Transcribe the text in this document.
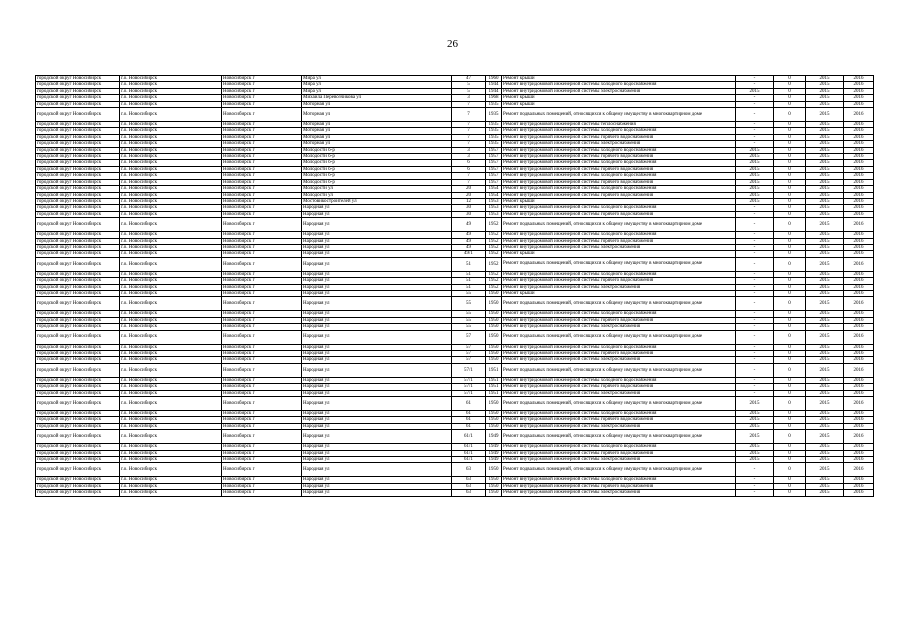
26
городской округ Новосибирск	г.о. Новосибирск	Новосибирск г	Мира ул	47	1960	Ремонт крыши	-	0	2015	2016
городской округ Новосибирск	г.о. Новосибирск	Новосибирск г	Мира ул	5	1944	Ремонт внутридомовой инженерной системы холодного водоснабжения	-	0	2015	2016
городской округ Новосибирск	г.о. Новосибирск	Новосибирск г	Мира ул	5	1944	Ремонт внутридомовой инженерной системы электроснабжения	2015	0	2015	2016
городской округ Новосибирск	г.о. Новосибирск	Новосибирск г	Михаила Перевозчикова ул	3	1968	Ремонт крыши	-	0	2015	2016
городской округ Новосибирск	г.о. Новосибирск	Новосибирск г	Моторная ул	7	1935	Ремонт крыши	-	0	2015	2016
городской округ Новосибирск	г.о. Новосибирск	Новосибирск г	Моторная ул	7	1935	Ремонт подвальных помещений, относящихся к общему имуществу в многоквартирном доме	-	0	2015	2016
городской округ Новосибирск	г.о. Новосибирск	Новосибирск г	Моторная ул	7	1935	Ремонт внутридомовой инженерной системы теплоснабжения	-	0	2015	2016
городской округ Новосибирск	г.о. Новосибирск	Новосибирск г	Моторная ул	7	1935	Ремонт внутридомовой инженерной системы холодного водоснабжения	-	0	2015	2016
городской округ Новосибирск	г.о. Новосибирск	Новосибирск г	Моторная ул	7	1935	Ремонт внутридомовой инженерной системы горячего водоснабжения	-	0	2015	2016
городской округ Новосибирск	г.о. Новосибирск	Новосибирск г	Моторная ул	7	1935	Ремонт внутридомовой инженерной системы электроснабжения	-	0	2015	2016
городской округ Новосибирск	г.о. Новосибирск	Новосибирск г	Молодости б-р	3	1957	Ремонт внутридомовой инженерной системы холодного водоснабжения	2015	0	2015	2016
городской округ Новосибирск	г.о. Новосибирск	Новосибирск г	Молодости б-р	3	1957	Ремонт внутридомовой инженерной системы горячего водоснабжения	2015	0	2015	2016
городской округ Новосибирск	г.о. Новосибирск	Новосибирск г	Молодости б-р	6	1957	Ремонт внутридомовой инженерной системы холодного водоснабжения	2015	0	2015	2016
городской округ Новосибирск	г.о. Новосибирск	Новосибирск г	Молодости б-р	6	1957	Ремонт внутридомовой инженерной системы горячего водоснабжения	2015	0	2015	2016
городской округ Новосибирск	г.о. Новосибирск	Новосибирск г	Молодости б-р	7	1957	Ремонт внутридомовой инженерной системы холодного водоснабжения	2015	0	2015	2016
городской округ Новосибирск	г.о. Новосибирск	Новосибирск г	Молодости б-р	7	1957	Ремонт внутридомовой инженерной системы горячего водоснабжения	2015	0	2015	2016
городской округ Новосибирск	г.о. Новосибирск	Новосибирск г	Молодости ул	20	1954	Ремонт внутридомовой инженерной системы холодного водоснабжения	2015	0	2015	2016
городской округ Новосибирск	г.о. Новосибирск	Новосибирск г	Молодости ул	20	1954	Ремонт внутридомовой инженерной системы горячего водоснабжения	2015	0	2015	2016
городской округ Новосибирск	г.о. Новосибирск	Новосибирск г	Мостовикостроителей ул	12	1953	Ремонт крыши	2015	0	2015	2016
городской округ Новосибирск	г.о. Новосибирск	Новосибирск г	Народная ул	30	1953	Ремонт внутридомовой инженерной системы холодного водоснабжения	-	0	2015	2016
городской округ Новосибирск	г.о. Новосибирск	Новосибирск г	Народная ул	30	1953	Ремонт внутридомовой инженерной системы горячего водоснабжения	-	0	2015	2016
городской округ Новосибирск	г.о. Новосибирск	Новосибирск г	Народная ул	49	1952	Ремонт подвальных помещений, относящихся к общему имуществу в многоквартирном доме	-	0	2015	2016
городской округ Новосибирск	г.о. Новосибирск	Новосибирск г	Народная ул	49	1952	Ремонт внутридомовой инженерной системы холодного водоснабжения	-	0	2015	2016
городской округ Новосибирск	г.о. Новосибирск	Новосибирск г	Народная ул	49	1952	Ремонт внутридомовой инженерной системы горячего водоснабжения	-	0	2015	2016
городской округ Новосибирск	г.о. Новосибирск	Новосибирск г	Народная ул	49	1952	Ремонт внутридомовой инженерной системы электроснабжения	-	0	2015	2016
городской округ Новосибирск	г.о. Новосибирск	Новосибирск г	Народная ул	49/1	1952	Ремонт крыши	-	0	2015	2016
городской округ Новосибирск	г.о. Новосибирск	Новосибирск г	Народная ул	51	1952	Ремонт подвальных помещений, относящихся к общему имуществу в многоквартирном доме	-	0	2015	2016
городской округ Новосибирск	г.о. Новосибирск	Новосибирск г	Народная ул	51	1952	Ремонт внутридомовой инженерной системы холодного водоснабжения	-	0	2015	2016
городской округ Новосибирск	г.о. Новосибирск	Новосибирск г	Народная ул	51	1952	Ремонт внутридомовой инженерной системы горячего водоснабжения	-	0	2015	2016
городской округ Новосибирск	г.о. Новосибирск	Новосибирск г	Народная ул	51	1952	Ремонт внутридомовой инженерной системы электроснабжения	-	0	2015	2016
городской округ Новосибирск	г.о. Новосибирск	Новосибирск г	Народная ул	55	1950	Ремонт крыши	-	0	2015	2016
городской округ Новосибирск	г.о. Новосибирск	Новосибирск г	Народная ул	55	1950	Ремонт подвальных помещений, относящихся к общему имуществу в многоквартирном доме	-	0	2015	2016
городской округ Новосибирск	г.о. Новосибирск	Новосибирск г	Народная ул	55	1950	Ремонт внутридомовой инженерной системы холодного водоснабжения	-	0	2015	2016
городской округ Новосибирск	г.о. Новосибирск	Новосибирск г	Народная ул	55	1950	Ремонт внутридомовой инженерной системы горячего водоснабжения	-	0	2015	2016
городской округ Новосибирск	г.о. Новосибирск	Новосибирск г	Народная ул	55	1950	Ремонт внутридомовой инженерной системы электроснабжения	-	0	2015	2016
городской округ Новосибирск	г.о. Новосибирск	Новосибирск г	Народная ул	57	1950	Ремонт подвальных помещений, относящихся к общему имуществу в многоквартирном доме	-	0	2015	2016
городской округ Новосибирск	г.о. Новосибирск	Новосибирск г	Народная ул	57	1950	Ремонт внутридомовой инженерной системы холодного водоснабжения	-	0	2015	2016
городской округ Новосибирск	г.о. Новосибирск	Новосибирск г	Народная ул	57	1950	Ремонт внутридомовой инженерной системы горячего водоснабжения	-	0	2015	2016
городской округ Новосибирск	г.о. Новосибирск	Новосибирск г	Народная ул	57	1950	Ремонт внутридомовой инженерной системы электроснабжения	-	0	2015	2016
городской округ Новосибирск	г.о. Новосибирск	Новосибирск г	Народная ул	57/1	1951	Ремонт подвальных помещений, относящихся к общему имуществу в многоквартирном доме	-	0	2015	2016
городской округ Новосибирск	г.о. Новосибирск	Новосибирск г	Народная ул	57/1	1951	Ремонт внутридомовой инженерной системы холодного водоснабжения	-	0	2015	2016
городской округ Новосибирск	г.о. Новосибирск	Новосибирск г	Народная ул	57/1	1951	Ремонт внутридомовой инженерной системы горячего водоснабжения	-	0	2015	2016
городской округ Новосибирск	г.о. Новосибирск	Новосибирск г	Народная ул	57/1	1951	Ремонт внутридомовой инженерной системы электроснабжения	-	0	2015	2016
городской округ Новосибирск	г.о. Новосибирск	Новосибирск г	Народная ул	61	1950	Ремонт подвальных помещений, относящихся к общему имуществу в многоквартирном доме	2015	0	2015	2016
городской округ Новосибирск	г.о. Новосибирск	Новосибирск г	Народная ул	61	1950	Ремонт внутридомовой инженерной системы холодного водоснабжения	2015	0	2015	2016
городской округ Новосибирск	г.о. Новосибирск	Новосибирск г	Народная ул	61	1950	Ремонт внутридомовой инженерной системы горячего водоснабжения	2015	0	2015	2016
городской округ Новосибирск	г.о. Новосибирск	Новосибирск г	Народная ул	61	1950	Ремонт внутридомовой инженерной системы электроснабжения	2015	0	2015	2016
городской округ Новосибирск	г.о. Новосибирск	Новосибирск г	Народная ул	61/1	1949	Ремонт подвальных помещений, относящихся к общему имуществу в многоквартирном доме	2015	0	2015	2016
городской округ Новосибирск	г.о. Новосибирск	Новосибирск г	Народная ул	61/1	1949	Ремонт внутридомовой инженерной системы холодного водоснабжения	2015	0	2015	2016
городской округ Новосибирск	г.о. Новосибирск	Новосибирск г	Народная ул	61/1	1949	Ремонт внутридомовой инженерной системы горячего водоснабжения	2015	0	2015	2016
городской округ Новосибирск	г.о. Новосибирск	Новосибирск г	Народная ул	61/1	1949	Ремонт внутридомовой инженерной системы электроснабжения	2015	0	2015	2016
городской округ Новосибирск	г.о. Новосибирск	Новосибирск г	Народная ул	63	1950	Ремонт подвальных помещений, относящихся к общему имуществу в многоквартирном доме	-	0	2015	2016
городской округ Новосибирск	г.о. Новосибирск	Новосибирск г	Народная ул	63	1950	Ремонт внутридомовой инженерной системы холодного водоснабжения	-	0	2015	2016
городской округ Новосибирск	г.о. Новосибирск	Новосибирск г	Народная ул	63	1950	Ремонт внутридомовой инженерной системы горячего водоснабжения	-	0	2015	2016
городской округ Новосибирск	г.о. Новосибирск	Новосибирск г	Народная ул	63	1950	Ремонт внутридомовой инженерной системы электроснабжения	-	0	2015	2016
